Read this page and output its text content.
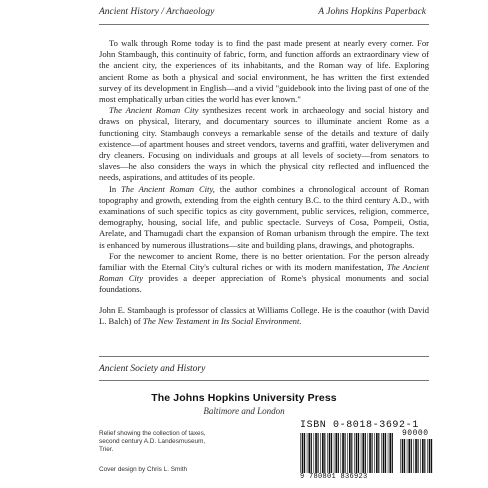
Ancient History / Archaeology	A Johns Hopkins Paperback

To walk through Rome today is to find the past made present at nearly every corner. For John Stambaugh, this continuity of fabric, form, and function affords an extraordinary view of the ancient city, the experiences of its inhabitants, and the Roman way of life. Exploring ancient Rome as both a physical and social environment, he has written the first extended survey of its development in English—and a vivid "guidebook into the living past of one of the most emphatically urban cities the world has ever known."

The Ancient Roman City synthesizes recent work in archaeology and social history and draws on physical, literary, and documentary sources to illuminate ancient Rome as a functioning city. Stambaugh conveys a remarkable sense of the details and texture of daily existence—of apartment houses and street vendors, taverns and graffiti, water deliverymen and dry cleaners. Focusing on individuals and groups at all levels of society—from senators to slaves—he also considers the ways in which the physical city reflected and influenced the needs, aspirations, and attitudes of its people.

In The Ancient Roman City, the author combines a chronological account of Roman topography and growth, extending from the eighth century B.C. to the third century A.D., with examinations of such specific topics as city government, public services, religion, commerce, demography, housing, social life, and public spectacle. Surveys of Cosa, Pompeii, Ostia, Arelate, and Thamugadi chart the expansion of Roman urbanism through the empire. The text is enhanced by numerous illustrations—site and building plans, drawings, and photographs.

For the newcomer to ancient Rome, there is no better orientation. For the person already familiar with the Eternal City's cultural riches or with its modern manifestation, The Ancient Roman City provides a deeper appreciation of Rome's physical monuments and social foundations.

John E. Stambaugh is professor of classics at Williams College. He is the coauthor (with David L. Balch) of The New Testament in Its Social Environment.

Ancient Society and History
The Johns Hopkins University Press
Baltimore and London
Relief showing the collection of taxes, second century A.D. Landesmuseum, Trier.
Cover design by Chris L. Smith
ISBN 0-8018-3692-1
90000
9 780801 836923
